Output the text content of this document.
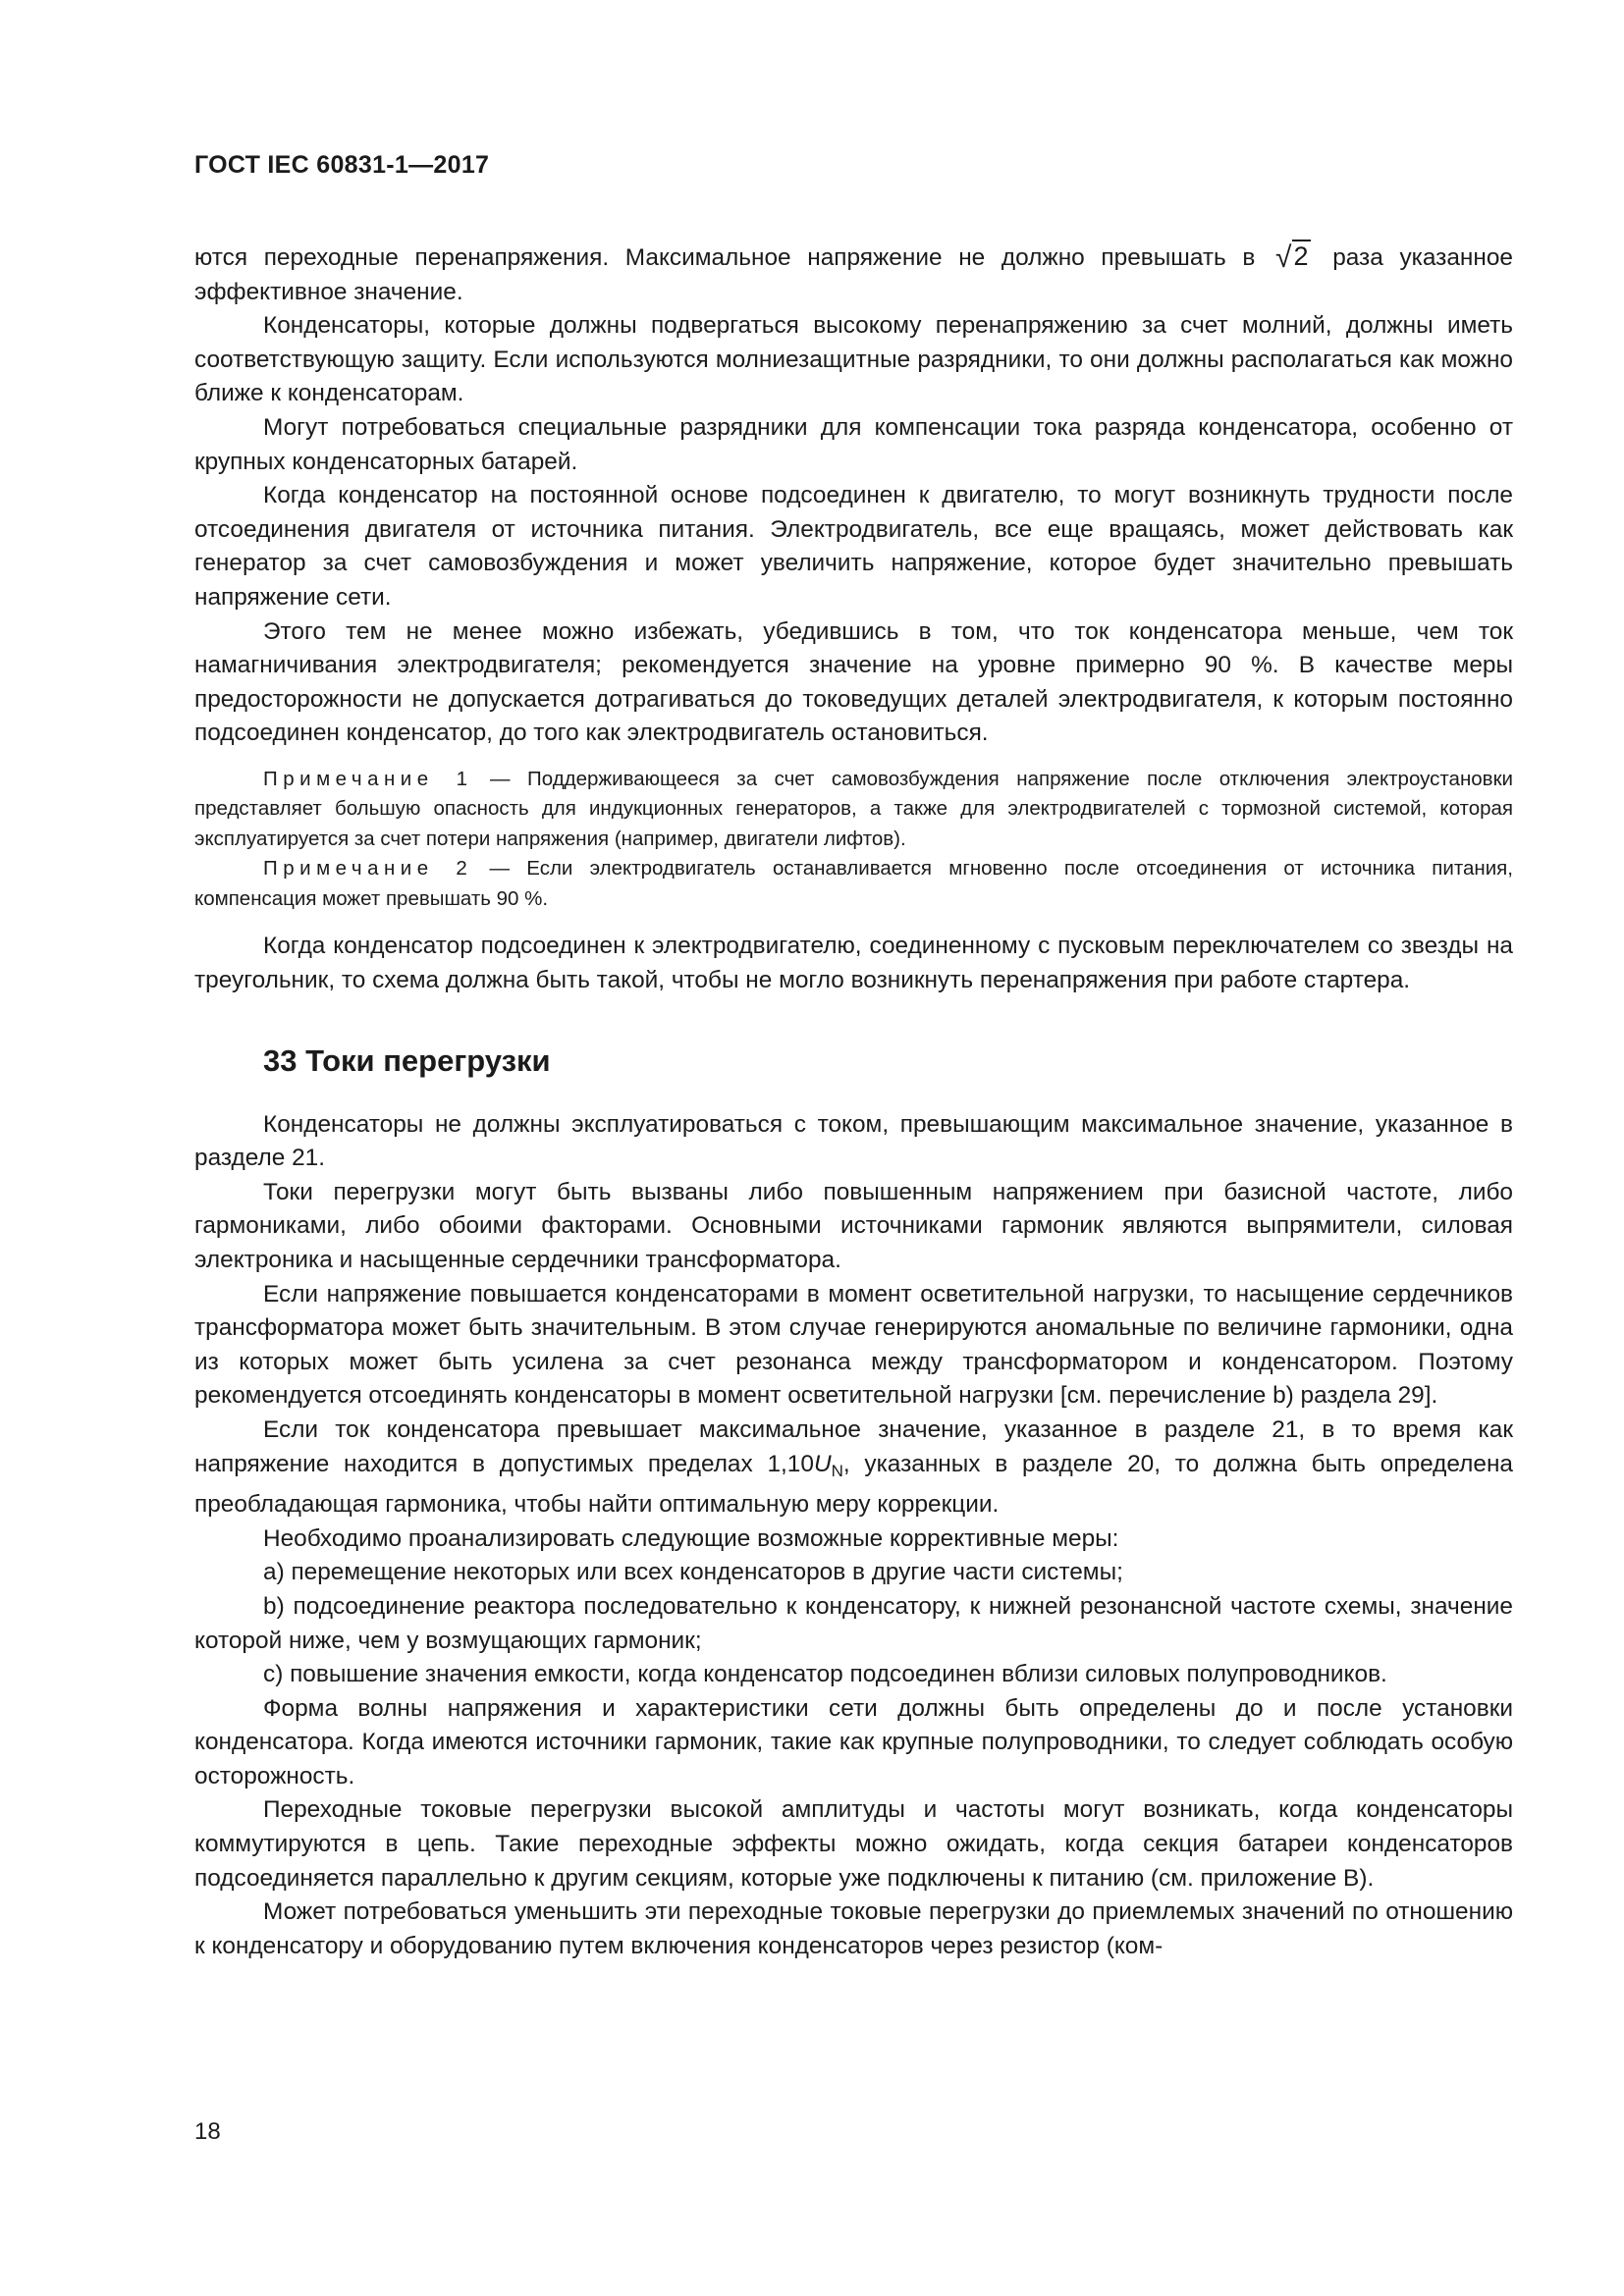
ГОСТ IEC 60831-1—2017

ются переходные перенапряжения. Максимальное напряжение не должно превышать в √2 раза указанное эффективное значение.

Конденсаторы, которые должны подвергаться высокому перенапряжению за счет молний, должны иметь соответствующую защиту. Если используются молниезащитные разрядники, то они должны располагаться как можно ближе к конденсаторам.

Могут потребоваться специальные разрядники для компенсации тока разряда конденсатора, особенно от крупных конденсаторных батарей.

Когда конденсатор на постоянной основе подсоединен к двигателю, то могут возникнуть трудности после отсоединения двигателя от источника питания. Электродвигатель, все еще вращаясь, может действовать как генератор за счет самовозбуждения и может увеличить напряжение, которое будет значительно превышать напряжение сети.

Этого тем не менее можно избежать, убедившись в том, что ток конденсатора меньше, чем ток намагничивания электродвигателя; рекомендуется значение на уровне примерно 90 %. В качестве меры предосторожности не допускается дотрагиваться до токоведущих деталей электродвигателя, к которым постоянно подсоединен конденсатор, до того как электродвигатель остановиться.

Примечание 1 — Поддерживающееся за счет самовозбуждения напряжение после отключения электроустановки представляет большую опасность для индукционных генераторов, а также для электродвигателей с тормозной системой, которая эксплуатируется за счет потери напряжения (например, двигатели лифтов).

Примечание 2 — Если электродвигатель останавливается мгновенно после отсоединения от источника питания, компенсация может превышать 90 %.

Когда конденсатор подсоединен к электродвигателю, соединенному с пусковым переключателем со звезды на треугольник, то схема должна быть такой, чтобы не могло возникнуть перенапряжения при работе стартера.

33 Токи перегрузки

Конденсаторы не должны эксплуатироваться с током, превышающим максимальное значение, указанное в разделе 21.

Токи перегрузки могут быть вызваны либо повышенным напряжением при базисной частоте, либо гармониками, либо обоими факторами. Основными источниками гармоник являются выпрямители, силовая электроника и насыщенные сердечники трансформатора.

Если напряжение повышается конденсаторами в момент осветительной нагрузки, то насыщение сердечников трансформатора может быть значительным. В этом случае генерируются аномальные по величине гармоники, одна из которых может быть усилена за счет резонанса между трансформатором и конденсатором. Поэтому рекомендуется отсоединять конденсаторы в момент осветительной нагрузки [см. перечисление b) раздела 29].

Если ток конденсатора превышает максимальное значение, указанное в разделе 21, в то время как напряжение находится в допустимых пределах $1,10U_N$, указанных в разделе 20, то должна быть определена преобладающая гармоника, чтобы найти оптимальную меру коррекции.

Необходимо проанализировать следующие возможные коррективные меры:

a) перемещение некоторых или всех конденсаторов в другие части системы;

b) подсоединение реактора последовательно к конденсатору, к нижней резонансной частоте схемы, значение которой ниже, чем у возмущающих гармоник;

c) повышение значения емкости, когда конденсатор подсоединен вблизи силовых полупроводников.

Форма волны напряжения и характеристики сети должны быть определены до и после установки конденсатора. Когда имеются источники гармоник, такие как крупные полупроводники, то следует соблюдать особую осторожность.

Переходные токовые перегрузки высокой амплитуды и частоты могут возникать, когда конденсаторы коммутируются в цепь. Такие переходные эффекты можно ожидать, когда секция батареи конденсаторов подсоединяется параллельно к другим секциям, которые уже подключены к питанию (см. приложение В).

Может потребоваться уменьшить эти переходные токовые перегрузки до приемлемых значений по отношению к конденсатору и оборудованию путем включения конденсаторов через резистор (ком-

18
